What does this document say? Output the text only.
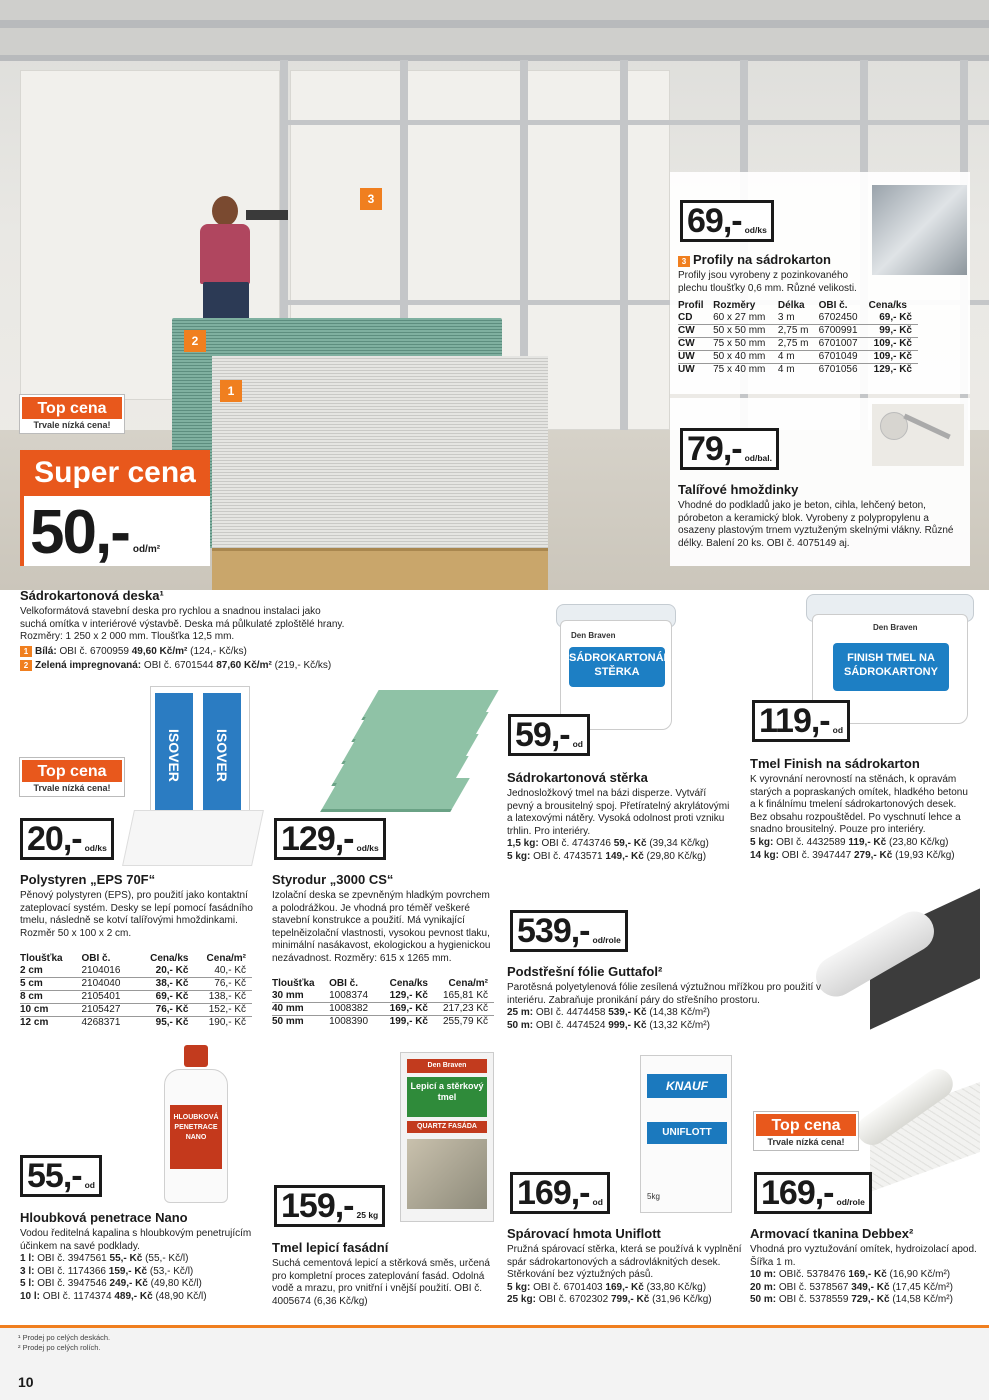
3
2
1
Top cena
Trvale nízká cena!
Super cena
50,- od/m²
69,- od/ks
3 Profily na sádrokarton
Profily jsou vyrobeny z pozinkovaného plechu tloušťky 0,6 mm. Různé velikosti.
Profil	Rozměry	Délka	OBI č.	Cena/ks
CD	60 x 27 mm	3 m	6702450	69,- Kč
CW	50 x 50 mm	2,75 m	6700991	99,- Kč
CW	75 x 50 mm	2,75 m	6701007	109,- Kč
UW	50 x 40 mm	4 m	6701049	109,- Kč
UW	75 x 40 mm	4 m	6701056	129,- Kč
79,- od/bal.
Talířové hmoždinky
Vhodné do podkladů jako je beton, cihla, lehčený beton, pórobeton a keramický blok. Vyrobeny z polypropylenu a osazeny plastovým trnem vyztuženým skelnými vlákny. Různé délky. Balení 20 ks. OBI č. 4075149 aj.
Sádrokartonová deska¹
Velkoformátová stavební deska pro rychlou a snadnou instalaci jako suchá omítka v interiérové výstavbě. Deska má půlkulaté zploštělé hrany. Rozměry: 1 250 x 2 000 mm. Tloušťka 12,5 mm.
1 Bílá: OBI č. 6700959 49,60 Kč/m² (124,- Kč/ks)
2 Zelená impregnovaná: OBI č. 6701544 87,60 Kč/m² (219,- Kč/ks)
Den Braven
SÁDROKARTONÁŘSKÁ STĚRKA
59,- od
Sádrokartonová stěrka
Jednosložkový tmel na bázi disperze. Vytváří pevný a brousitelný spoj. Přetíratelný akrylátovými a latexovými nátěry. Vysoká odolnost proti vzniku trhlin. Pro interiéry.
1,5 kg: OBI č. 4743746 59,- Kč (39,34 Kč/kg)
5 kg: OBI č. 4743571 149,- Kč (29,80 Kč/kg)
Den Braven
FINISH TMEL NA SÁDROKARTONY
119,- od
Tmel Finish na sádrokarton
K vyrovnání nerovností na stěnách, k opravám starých a popraskaných omítek, hladkého betonu a k finálnímu tmelení sádrokartonových desek. Bez obsahu rozpouštědel. Po vyschnutí lehce a snadno brousitelný. Pouze pro interiéry.
5 kg: OBI č. 4432589 119,- Kč (23,80 Kč/kg)
14 kg: OBI č. 3947447 279,- Kč (19,93 Kč/kg)
ISOVER	ISOVER
Top cena
Trvale nízká cena!
20,- od/ks
Polystyren „EPS 70F“
Pěnový polystyren (EPS), pro použití jako kontaktní zateplovací systém. Desky se lepí pomocí fasádního tmelu, následně se kotví talířovými hmoždinkami. Rozměr 50 x 100 x 2 cm.
Tloušťka	OBI č.	Cena/ks	Cena/m²
2 cm	2104016	20,- Kč	40,- Kč
5 cm	2104040	38,- Kč	76,- Kč
8 cm	2105401	69,- Kč	138,- Kč
10 cm	2105427	76,- Kč	152,- Kč
12 cm	4268371	95,- Kč	190,- Kč
129,- od/ks
Styrodur „3000 CS“
Izolační deska se zpevněným hladkým povrchem a polodrážkou. Je vhodná pro téměř veškeré stavební konstrukce a použití. Má vynikající tepelněizolační vlastnosti, vysokou pevnost tlaku, minimální nasákavost, ekologickou a hygienickou nezávadnost. Rozměry: 615 x 1265 mm.
Tloušťka	OBI č.	Cena/ks	Cena/m²
30 mm	1008374	129,- Kč	165,81 Kč
40 mm	1008382	169,- Kč	217,23 Kč
50 mm	1008390	199,- Kč	255,79 Kč
539,- od/role
Podstřešní fólie Guttafol²
Parotěsná polyetylenová fólie zesílená výztužnou mřížkou pro použití v interiéru. Zabraňuje pronikání páry do střešního prostoru.
25 m: OBI č. 4474458 539,- Kč (14,38 Kč/m²)
50 m: OBI č. 4474524 999,- Kč (13,32 Kč/m²)
HLOUBKOVÁ PENETRACE NANO
55,- od
Hloubková penetrace Nano
Vodou ředitelná kapalina s hloubkovým penetrujícím účinkem na savé podklady.
1 l: OBI č. 3947561 55,- Kč (55,- Kč/l)
3 l: OBI č. 1174366 159,- Kč (53,- Kč/l)
5 l: OBI č. 3947546 249,- Kč (49,80 Kč/l)
10 l: OBI č. 1174374 489,- Kč (48,90 Kč/l)
Den Braven
Lepicí a stěrkový tmel
QUARTZ FASÁDA
159,- 25 kg
Tmel lepicí fasádní
Suchá cementová lepicí a stěrková směs, určená pro kompletní proces zateplování fasád. Odolná vodě a mrazu, pro vnitřní i vnější použití. OBI č. 4005674 (6,36 Kč/kg)
KNAUF
UNIFLOTT
5kg
169,- od
Spárovací hmota Uniflott
Pružná spárovací stěrka, která se používá k vyplnění spár sádrokartonových a sádrovláknitých desek. Stěrkování bez výztužných pásů.
5 kg: OBI č. 6701403 169,- Kč (33,80 Kč/kg)
25 kg: OBI č. 6702302 799,- Kč (31,96 Kč/kg)
Top cena
Trvale nízká cena!
169,- od/role
Armovací tkanina Debbex²
Vhodná pro vyztužování omítek, hydroizolací apod. Šířka 1 m.
10 m: OBIč. 5378476 169,- Kč (16,90 Kč/m²)
20 m: OBI č. 5378567 349,- Kč (17,45 Kč/m²)
50 m: OBI č. 5378559 729,- Kč (14,58 Kč/m²)
¹ Prodej po celých deskách.
² Prodej po celých rolích.
10
